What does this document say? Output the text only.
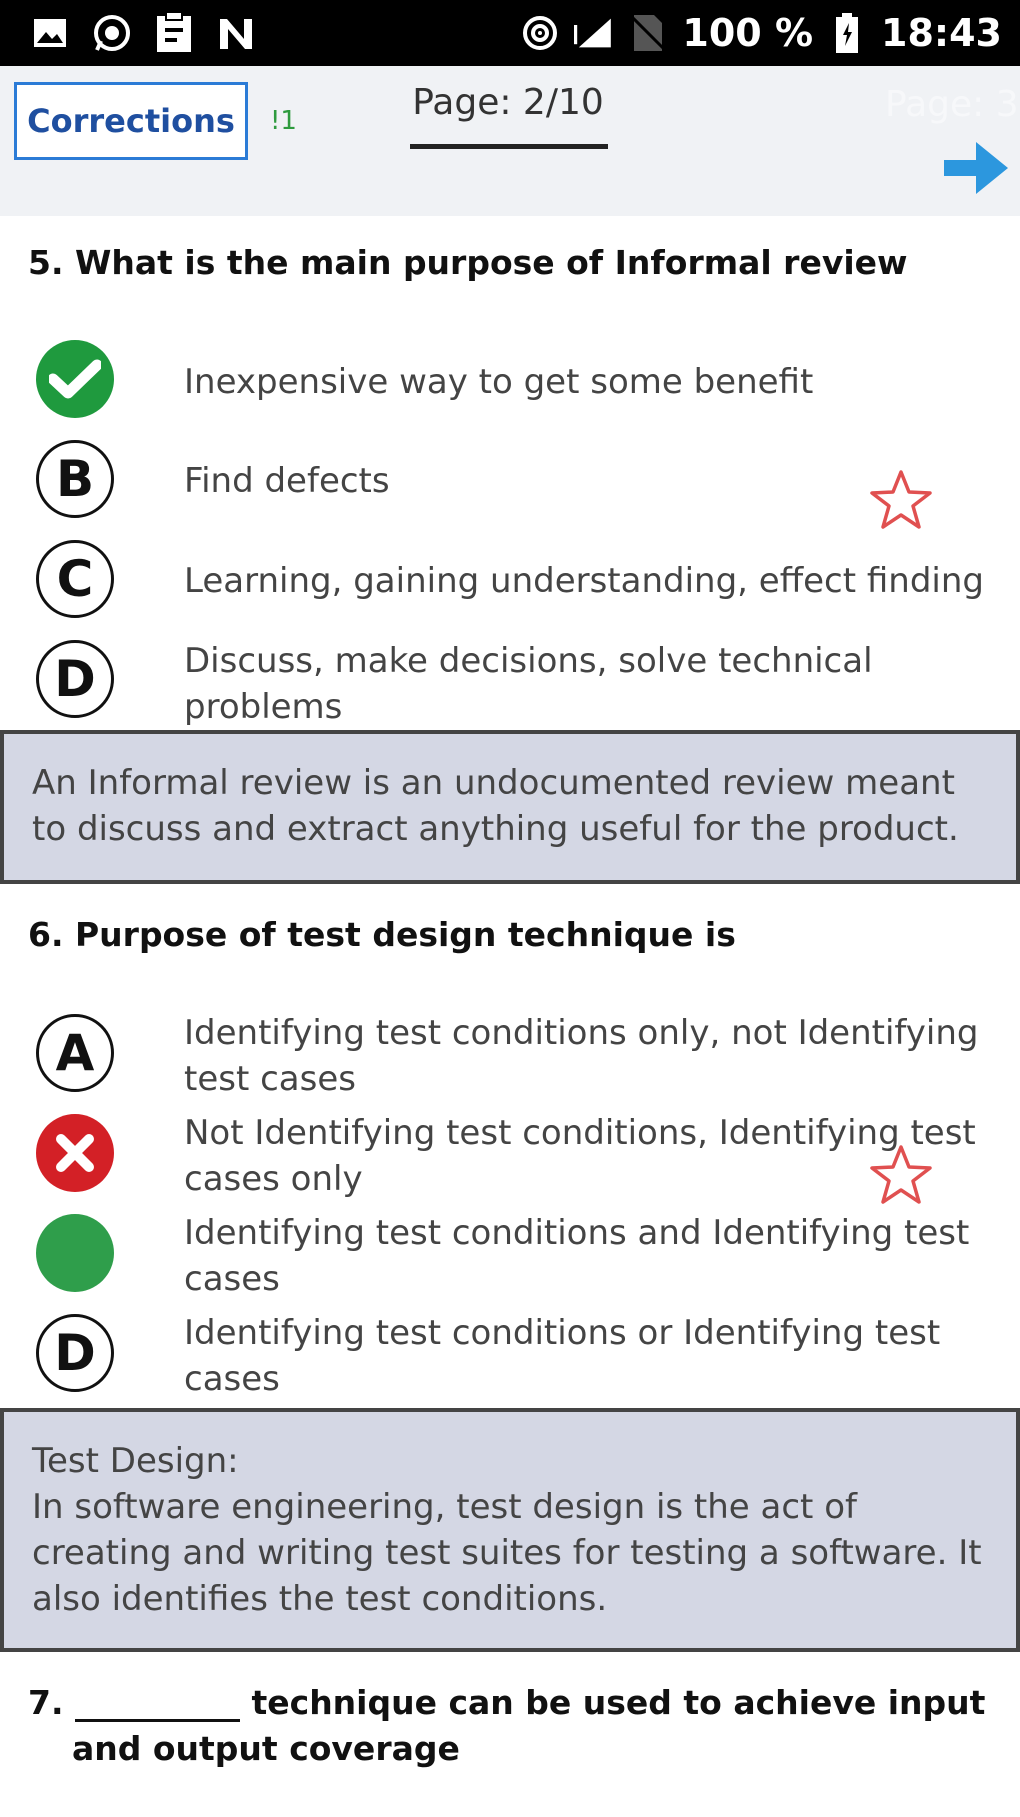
100 % 18:43
Corrections	!1	Page: 2/10	Page: 3
5. What is the main purpose of Informal review
Inexpensive way to get some benefit
B	Find defects
C	Learning, gaining understanding, effect finding
D	Discuss, make decisions, solve technical problems

An Informal review is an undocumented review meant to discuss and extract anything useful for the product.

6. Purpose of test design technique is
A	Identifying test conditions only, not Identifying test cases
Not Identifying test conditions, Identifying test cases only
Identifying test conditions and Identifying test cases
D	Identifying test conditions or Identifying test cases

Test Design:

In software engineering, test design is the act of creating and writing test suites for testing a software. It also identifies the test conditions.

7. __________ technique can be used to achieve input and output coverage
